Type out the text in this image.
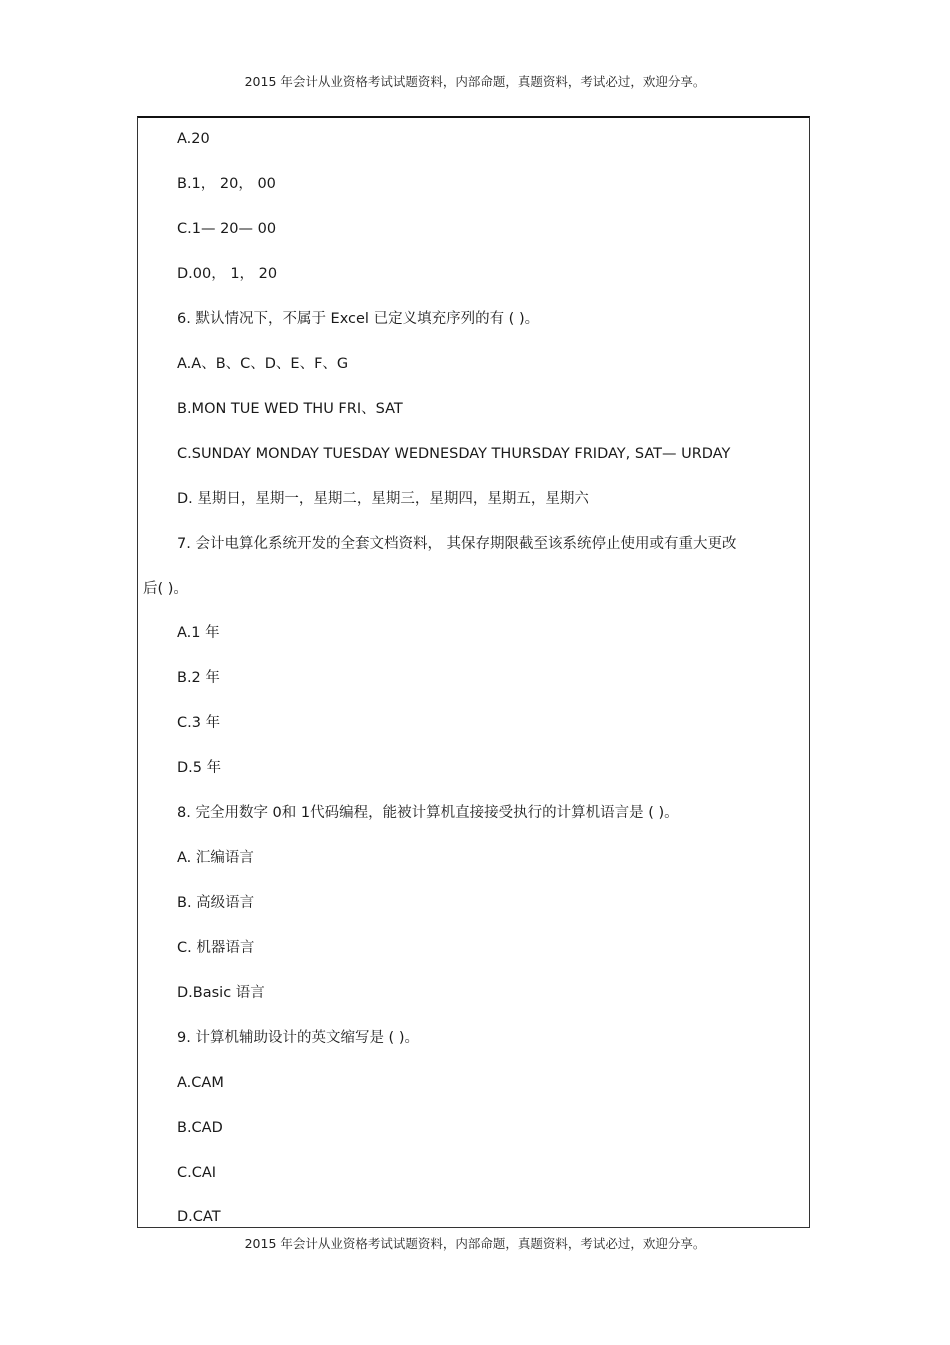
2015 年会计从业资格考试试题资料，内部命题，真题资料，考试必过，欢迎分享。
A.20
B.1， 20， 00
C.1— 20— 00
D.00， 1， 20
6. 默认情况下，不属于 Excel 已定义填充序列的有 ( )。
A.A、B、C、D、E、F、G
B.MON TUE WED THU FRI、SAT
C.SUNDAY MONDAY TUESDAY WEDNESDAY THURSDAY FRIDAY, SAT— URDAY
D. 星期日，星期一，星期二，星期三，星期四，星期五，星期六
7. 会计电算化系统开发的全套文档资料， 其保存期限截至该系统停止使用或有重大更改
后( )。
A.1 年
B.2 年
C.3 年
D.5 年
8. 完全用数字 0和 1代码编程，能被计算机直接接受执行的计算机语言是 ( )。
A. 汇编语言
B. 高级语言
C. 机器语言
D.Basic 语言
9. 计算机辅助设计的英文缩写是 ( )。
A.CAM
B.CAD
C.CAI
D.CAT
2015 年会计从业资格考试试题资料，内部命题，真题资料，考试必过，欢迎分享。
